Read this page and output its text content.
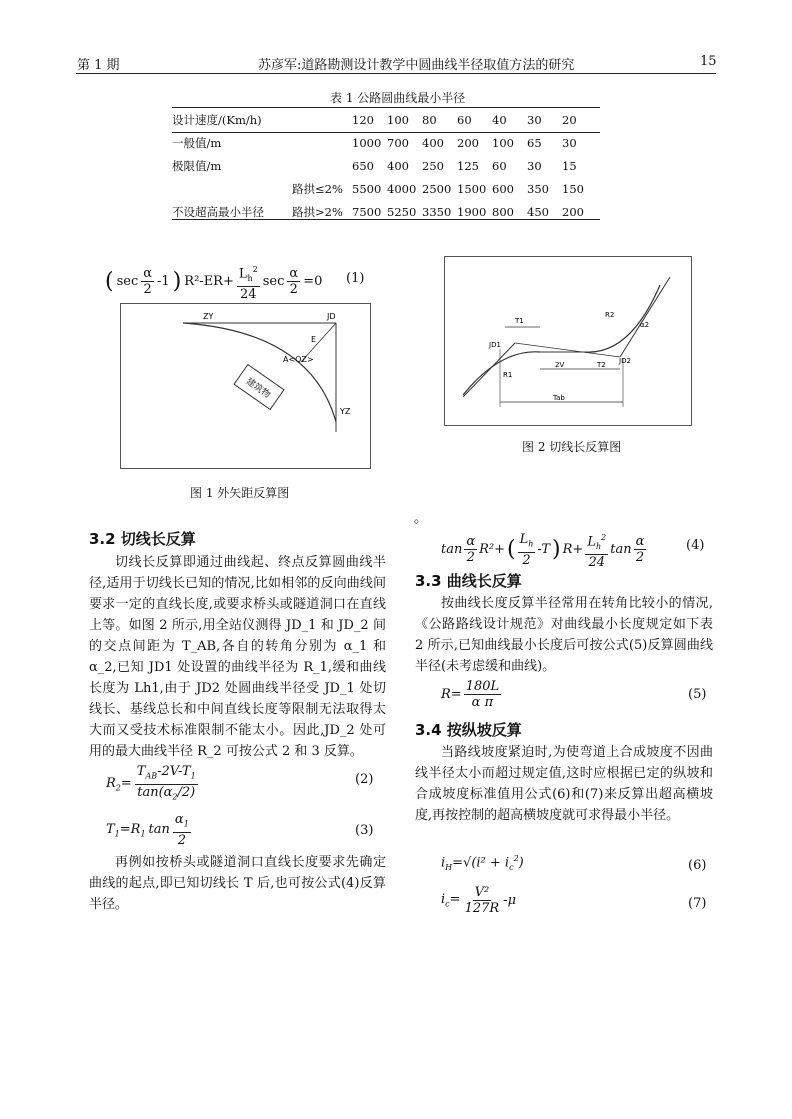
第 1 期	苏彦军:道路勘测设计教学中圆曲线半径取值方法的研究	15
表 1 公路圆曲线最小半径
设计速度/(Km/h)		120	100	80	60	40	30	20
一般值/m		1000	700	400	200	100	65	30
极限值/m		650	400	250	125	60	30	15
	路拱≤2%	5500	4000	2500	1500	600	350	150
不设超高最小半径	路拱>2%	7500	5250	3350	1900	800	450	200
( $\sec \frac{\alpha}{2} -1$ ) $R^2-ER+ \frac{L_h^2}{24}$ $\sec \frac{\alpha}{2} =0$ (1)
建筑物
ZY	JD
E
A<QZ>
YZ
图 1 外矢距反算图
JD1
T1
2V	T2 JD2
Tab
R2
α2
R1
图 2 切线长反算图
3.2 切线长反算
切线长反算即通过曲线起、终点反算圆曲线半径,适用于切线长已知的情况,比如相邻的反向曲线间要求一定的直线长度,或要求桥头或隧道洞口在直线上等。如图 2 所示,用全站仪测得 JD_1 和 JD_2 间的交点间距为 T_AB,各自的转角分别为 α_1 和 α_2,已知 JD1 处设置的曲线半径为 R_1,缓和曲线长度为 Lh1,由于 JD2 处圆曲线半径受 JD_1 处切线长、基线总长和中间直线长度等限制无法取得太大而又受技术标准限制不能太小。因此,JD_2 处可用的最大曲线半径 R_2 可按公式 2 和 3 反算。
$R_2= \frac{T_{AB}-2V-T_1}{\tan(\alpha_2/2)}$	(2)
$T_1=R_1$ $\tan \frac{\alpha_1}{2}$	(3)
再例如按桥头或隧道洞口直线长度要求先确定曲线的起点,即已知切线长 T 后,也可按公式(4)反算半径。
。
$\tan \frac{\alpha}{2} R^2+$ ( $\frac{L_h}{2} -T$ ) $R+ \frac{L_h^2}{24}$ $\tan \frac{\alpha}{2}$	(4)
3.3 曲线长反算
按曲线长度反算半径常用在转角比较小的情况,《公路路线设计规范》对曲线最小长度规定如下表 2 所示,已知曲线最小长度后可按公式(5)反算圆曲线半径(未考虑缓和曲线)。
$R= \frac{180L}{\text{α π}}$	(5)
3.4 按纵坡反算
当路线坡度紧迫时,为使弯道上合成坡度不因曲线半径太小而超过规定值,这时应根据已定的纵坡和合成坡度标准值用公式(6)和(7)来反算出超高横坡度,再按控制的超高横坡度就可求得最小半径。
$i_H=√(i^2 + i_c^2)$	(6)
$i_c= \frac{\text{V²}}{127R} -\mu$	(7)
